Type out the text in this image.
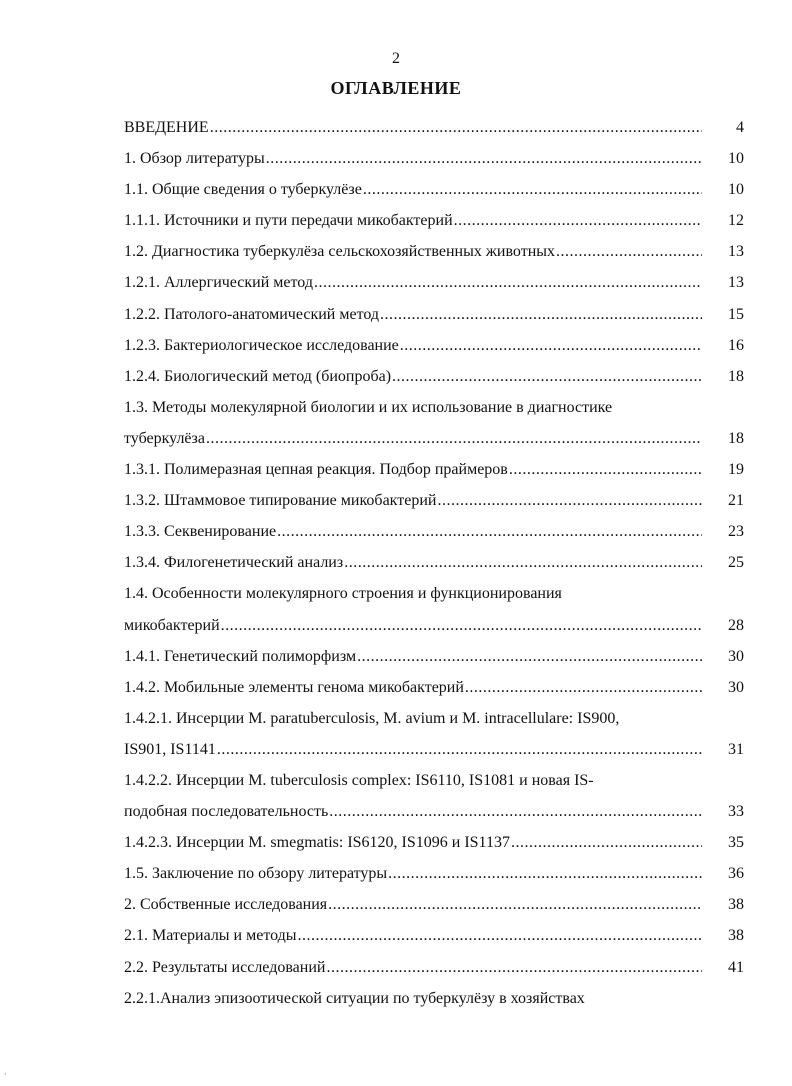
2
ОГЛАВЛЕНИЕ
ВВЕДЕНИЕ .....	4
1. Обзор литературы .....	10
1.1. Общие сведения о туберкулёзе .....	10
1.1.1. Источники и пути передачи микобактерий .....	12
1.2. Диагностика туберкулёза сельскохозяйственных животных .....	13
1.2.1. Аллергический метод .....	13
1.2.2. Патолого-анатомический метод .....	15
1.2.3. Бактериологическое исследование .....	16
1.2.4. Биологический метод (биопроба) .....	18
1.3. Методы молекулярной биологии и их использование в диагностике
туберкулёза .....	18
1.3.1. Полимеразная цепная реакция. Подбор праймеров .....	19
1.3.2. Штаммовое типирование микобактерий .....	21
1.3.3. Секвенирование .....	23
1.3.4. Филогенетический анализ .....	25
1.4. Особенности молекулярного строения и функционирования
микобактерий .....	28
1.4.1. Генетический полиморфизм .....	30
1.4.2. Мобильные элементы генома микобактерий .....	30
1.4.2.1. Инсерции M. paratuberculosis, M. avium и M. intracellulare: IS900,
IS901, IS1141 .....	31
1.4.2.2. Инсерции M. tuberculosis complex: IS6110, IS1081 и новая IS-
подобная последовательность .....	33
1.4.2.3. Инсерции M. smegmatis: IS6120, IS1096 и IS1137 .....	35
1.5. Заключение по обзору литературы .....	36
2. Собственные исследования .....	38
2.1. Материалы и методы .....	38
2.2. Результаты исследований .....	41
2.2.1.Анализ эпизоотической ситуации по туберкулёзу в хозяйствах
·
